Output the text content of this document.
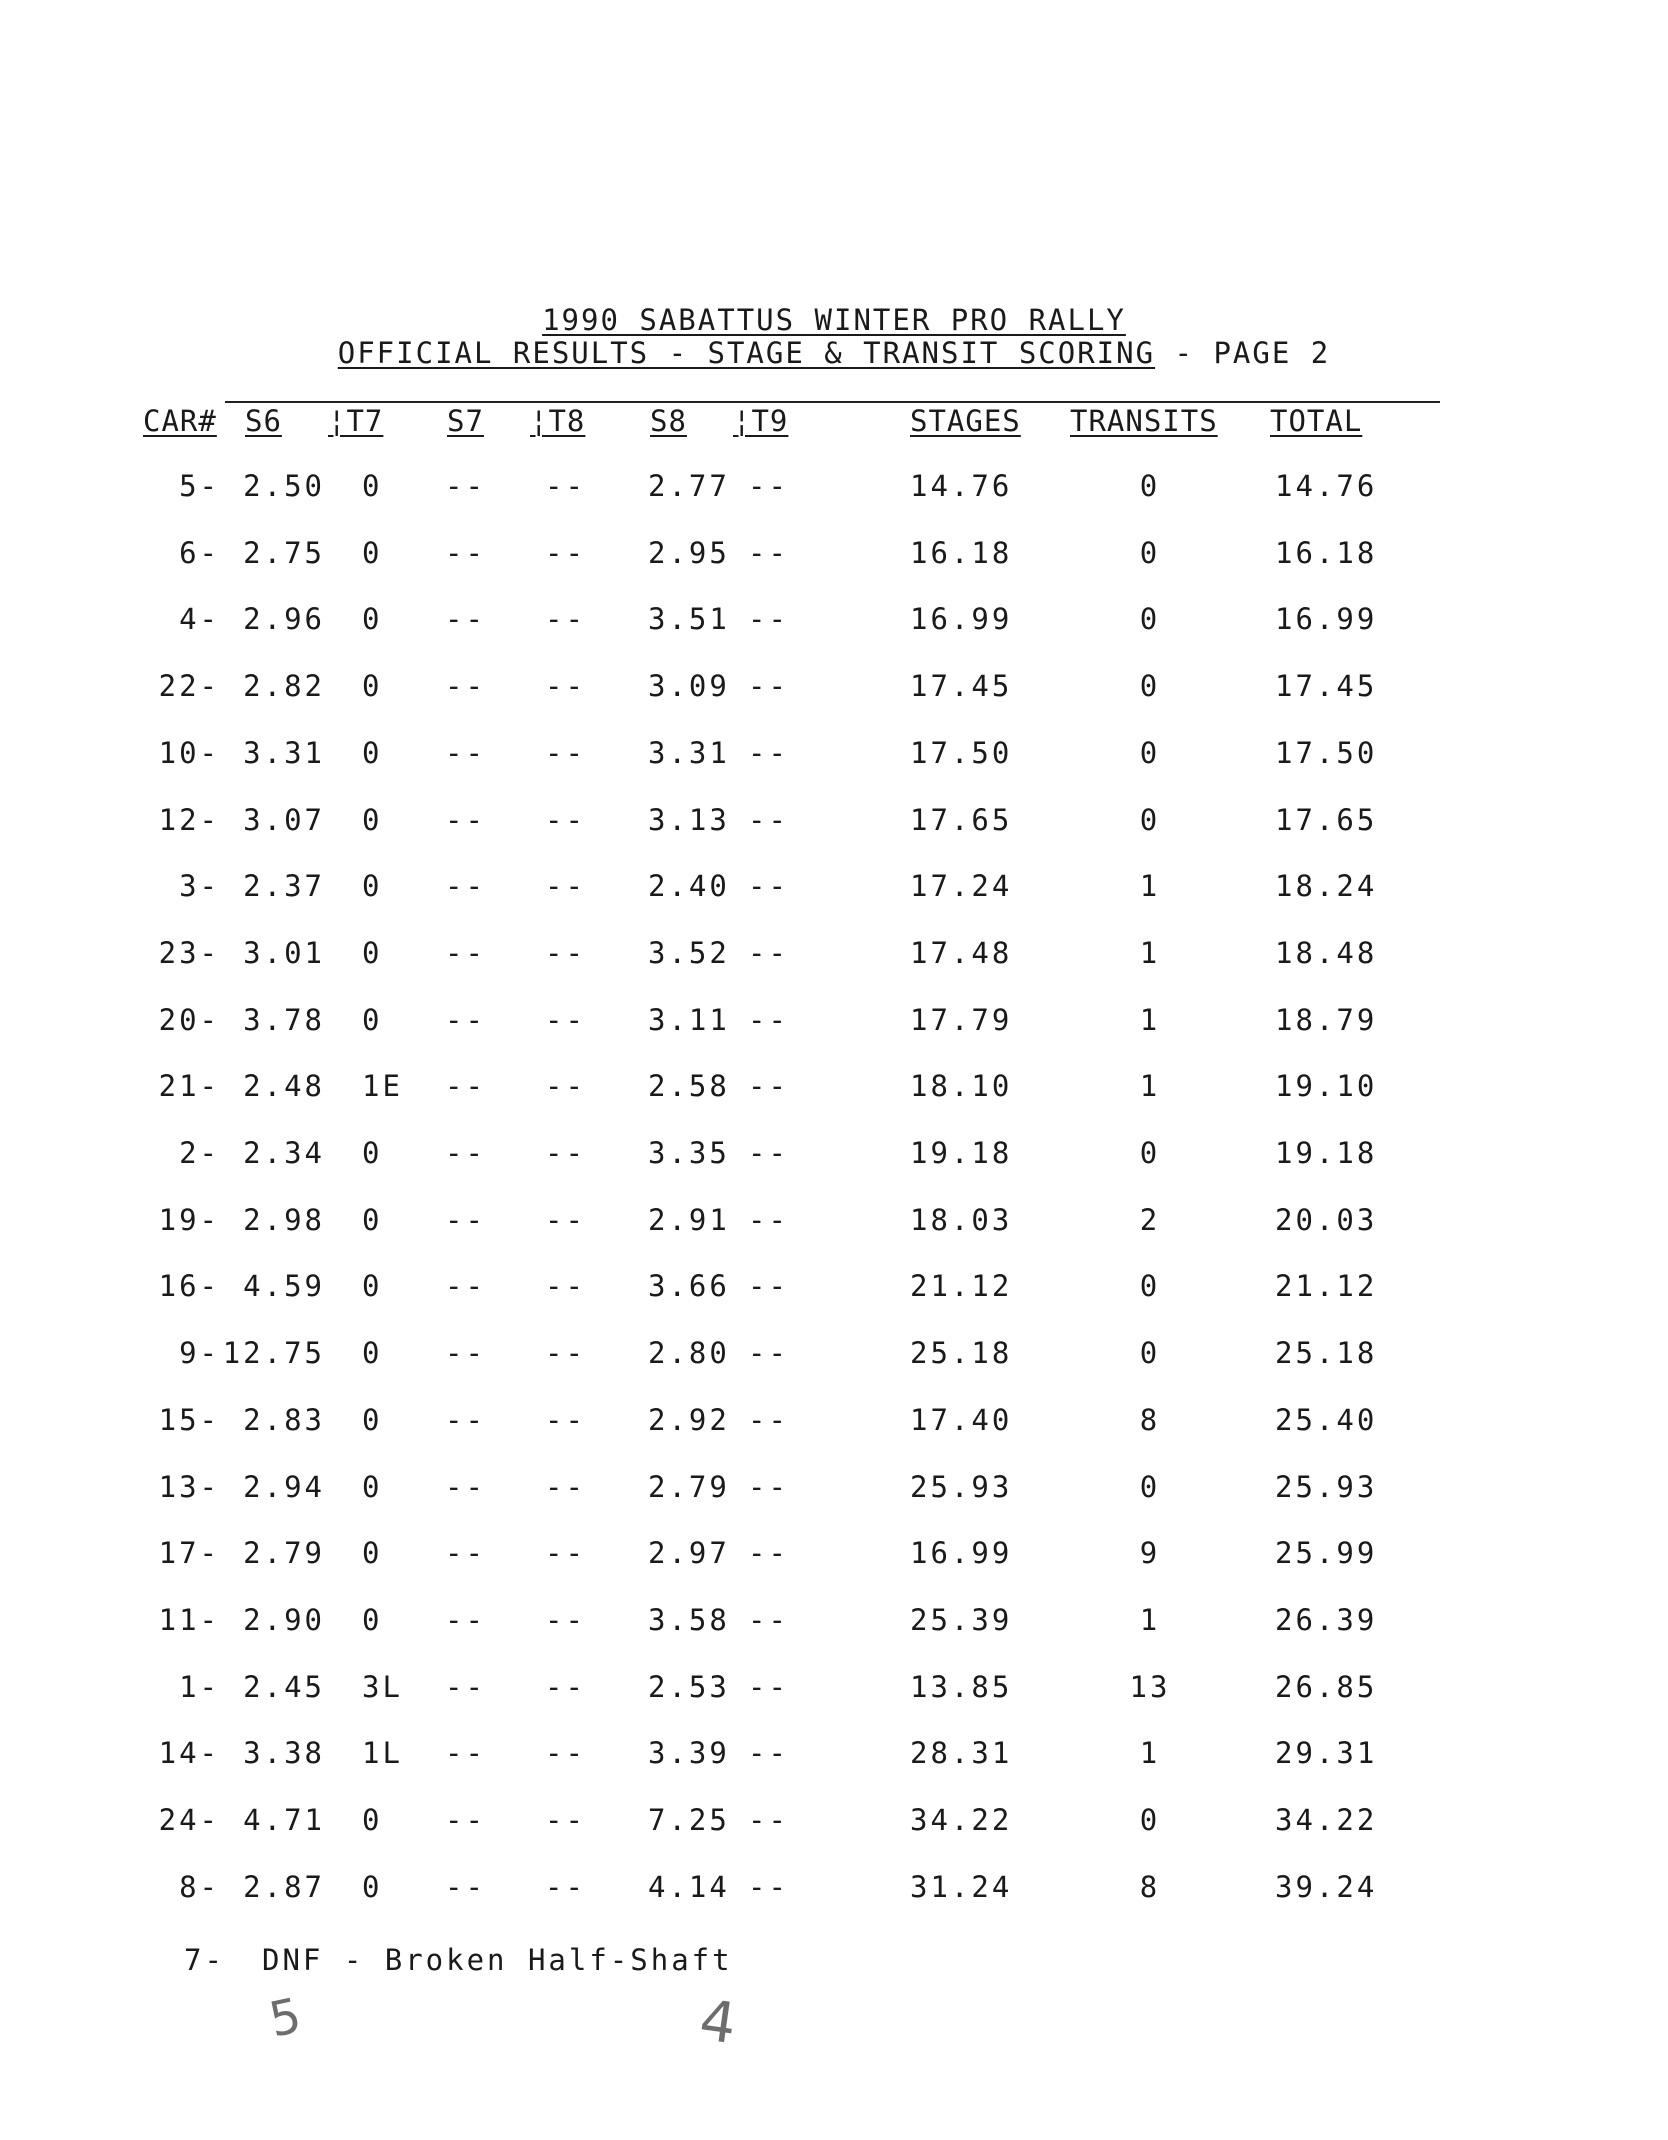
1990 SABATTUS WINTER PRO RALLY
OFFICIAL RESULTS - STAGE & TRANSIT SCORING - PAGE 2
CAR# S6 ¦T7 S7 ¦T8 S8 ¦T9	STAGES TRANSITS TOTAL
5- 2.50 0	--	--	2.77 --	14.76	0	14.76
6- 2.75 0	--	--	2.95 --	16.18	0	16.18
4- 2.96 0	--	--	3.51 --	16.99	0	16.99
22- 2.82 0	--	--	3.09 --	17.45	0	17.45
10- 3.31 0	--	--	3.31 --	17.50	0	17.50
12- 3.07 0	--	--	3.13 --	17.65	0	17.65
3- 2.37 0	--	--	2.40 --	17.24	1	18.24
23- 3.01 0	--	--	3.52 --	17.48	1	18.48
20- 3.78 0	--	--	3.11 --	17.79	1	18.79
21- 2.48 1E	--	--	2.58 --	18.10	1	19.10
2- 2.34 0	--	--	3.35 --	19.18	0	19.18
19- 2.98 0	--	--	2.91 --	18.03	2	20.03
16- 4.59 0	--	--	3.66 --	21.12	0	21.12
9- 12.75 0	--	--	2.80 --	25.18	0	25.18
15- 2.83 0	--	--	2.92 --	17.40	8	25.40
13- 2.94 0	--	--	2.79 --	25.93	0	25.93
17- 2.79 0	--	--	2.97 --	16.99	9	25.99
11- 2.90 0	--	--	3.58 --	25.39	1	26.39
1- 2.45 3L	--	--	2.53 --	13.85	13	26.85
14- 3.38 1L	--	--	3.39 --	28.31	1	29.31
24- 4.71 0	--	--	7.25 --	34.22	0	34.22
8- 2.87 0	--	--	4.14 --	31.24	8	39.24
7- DNF - Broken Half-Shaft
5	4
